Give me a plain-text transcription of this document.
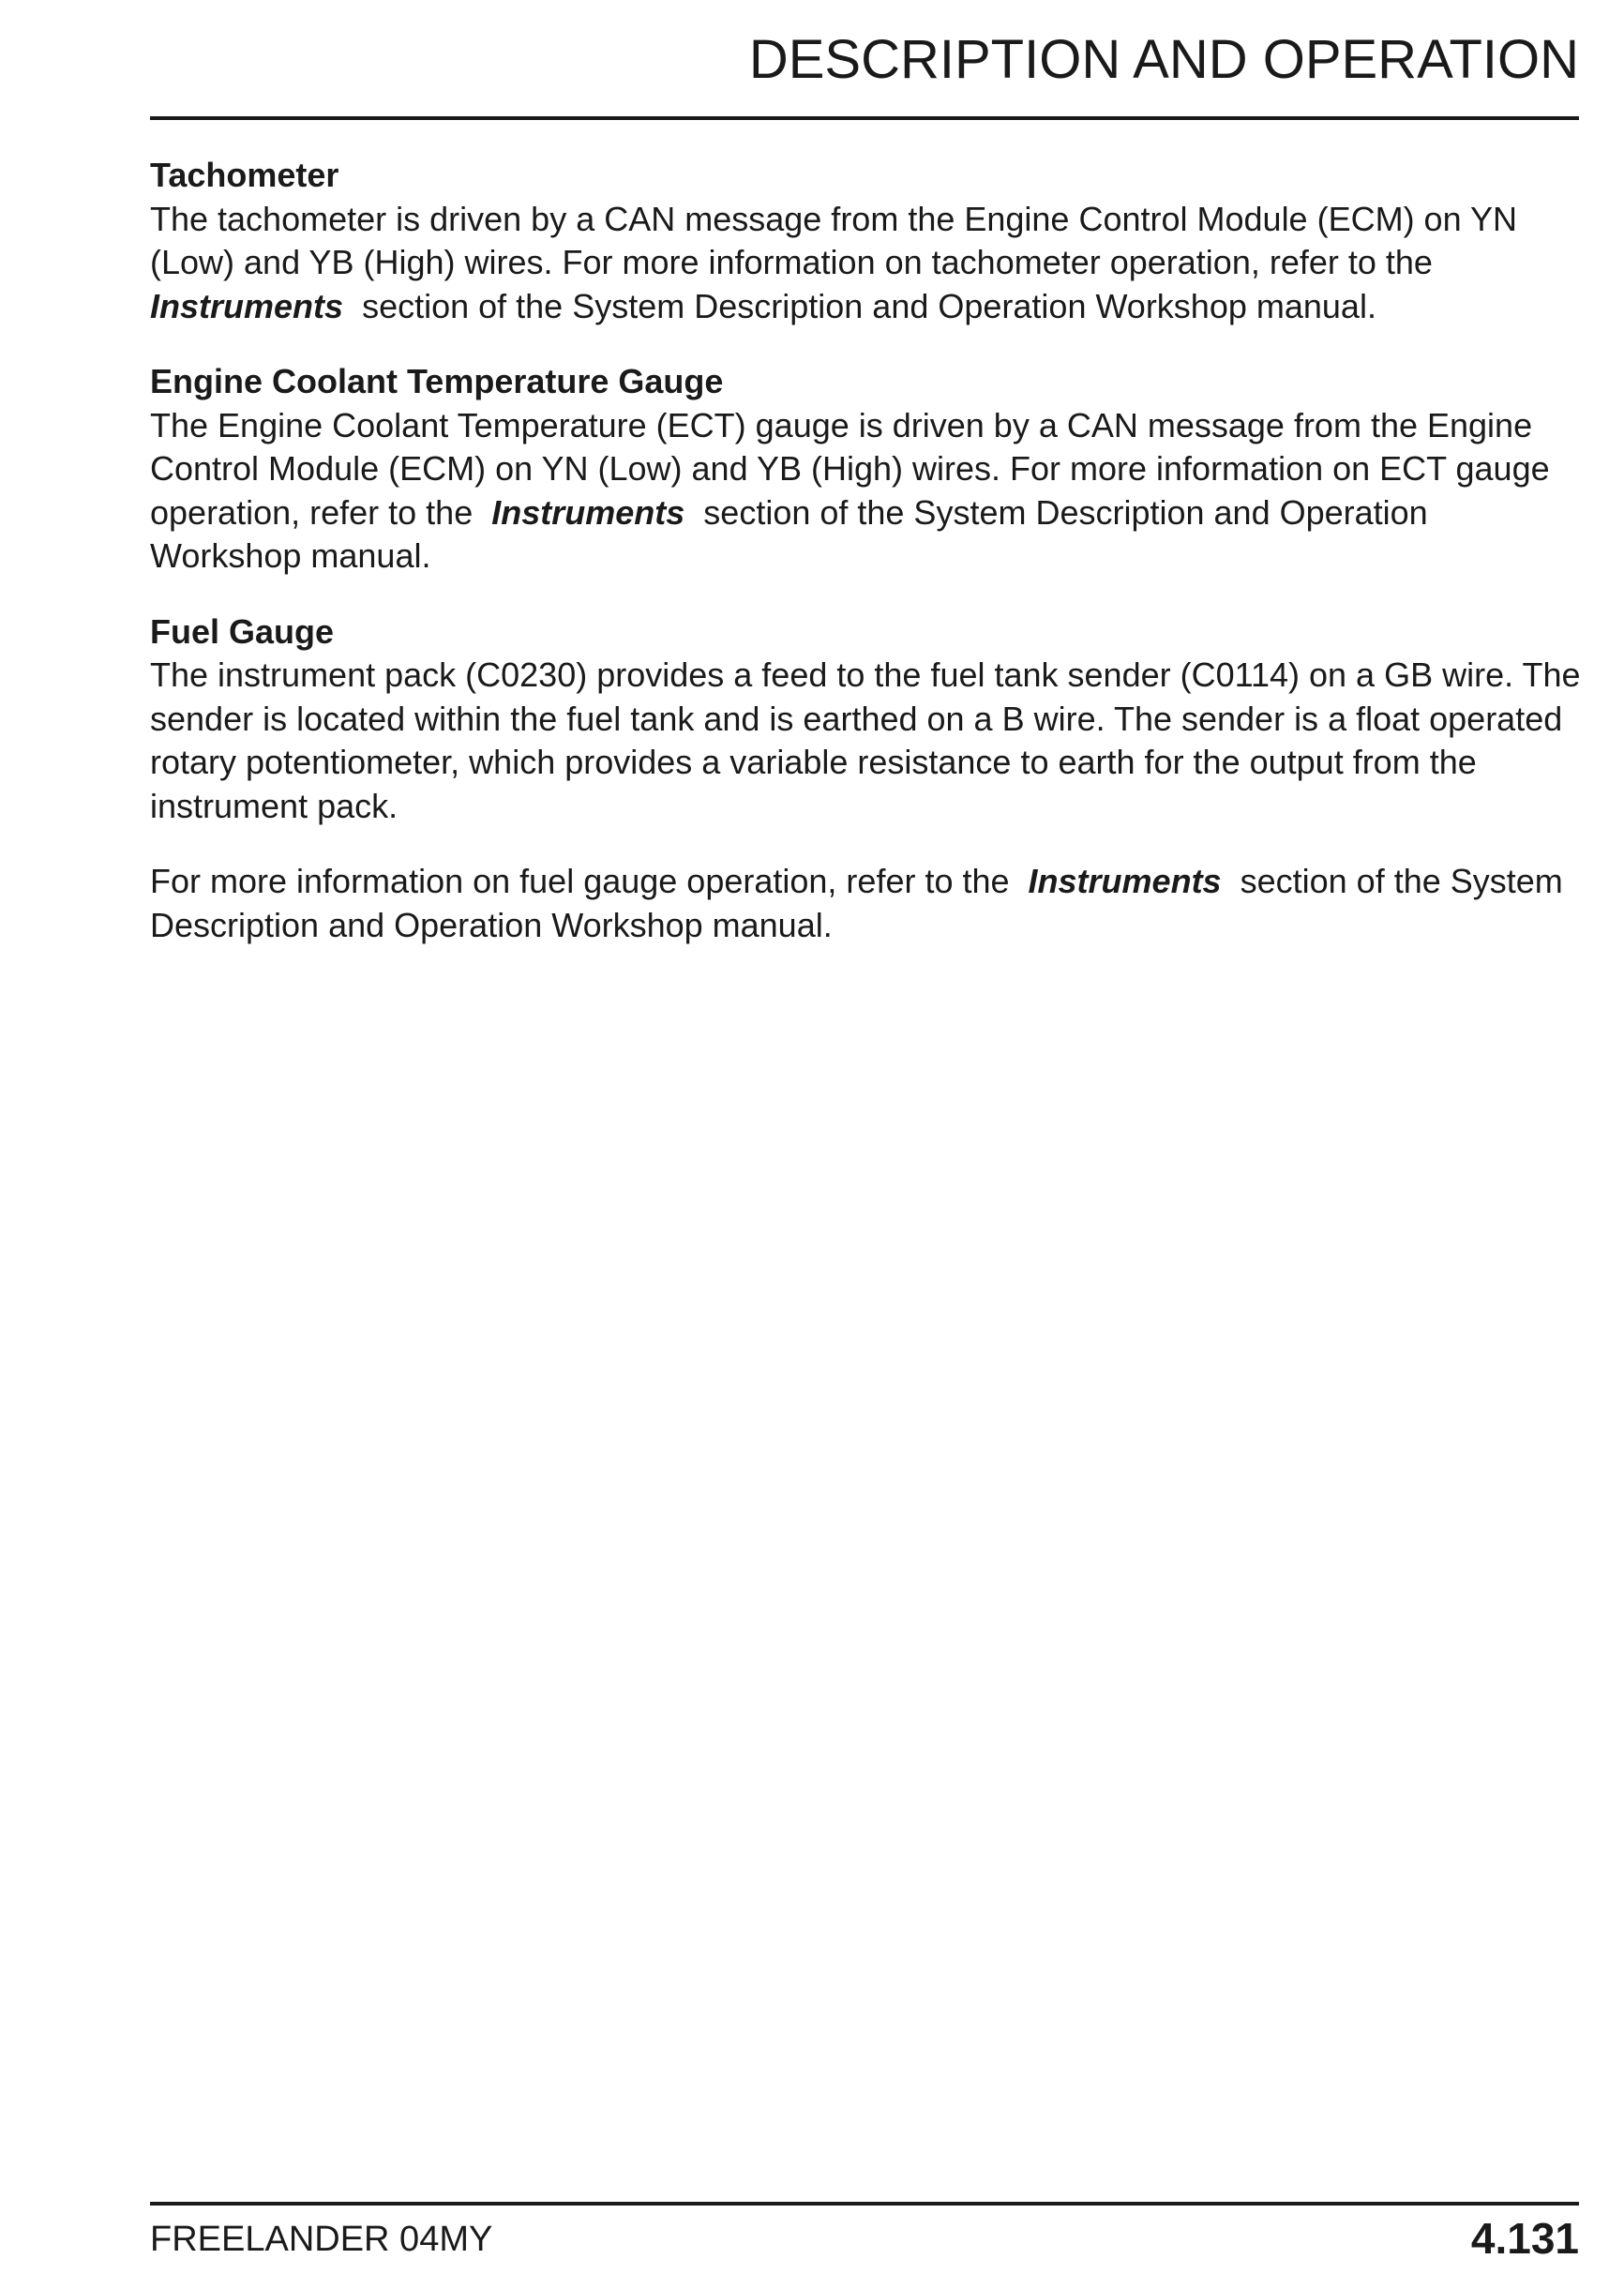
DESCRIPTION AND OPERATION

Tachometer

The tachometer is driven by a CAN message from the Engine Control Module (ECM) on YN (Low) and YB (High) wires. For more information on tachometer operation, refer to the  Instruments section of the System Description and Operation Workshop manual.

Engine Coolant Temperature Gauge

The Engine Coolant Temperature (ECT) gauge is driven by a CAN message from the Engine Control Module (ECM) on YN (Low) and YB (High) wires. For more information on ECT gauge operation, refer to the Instruments section of the System Description and Operation Workshop manual.

Fuel Gauge

The instrument pack (C0230) provides a feed to the fuel tank sender (C0114) on a GB wire. The sender is located within the fuel tank and is earthed on a B wire. The sender is a float operated rotary potentiometer, which provides a variable resistance to earth for the output from the instrument pack.

For more information on fuel gauge operation, refer to the Instruments section of the System Description and Operation Workshop manual.

FREELANDER 04MY	4.131
